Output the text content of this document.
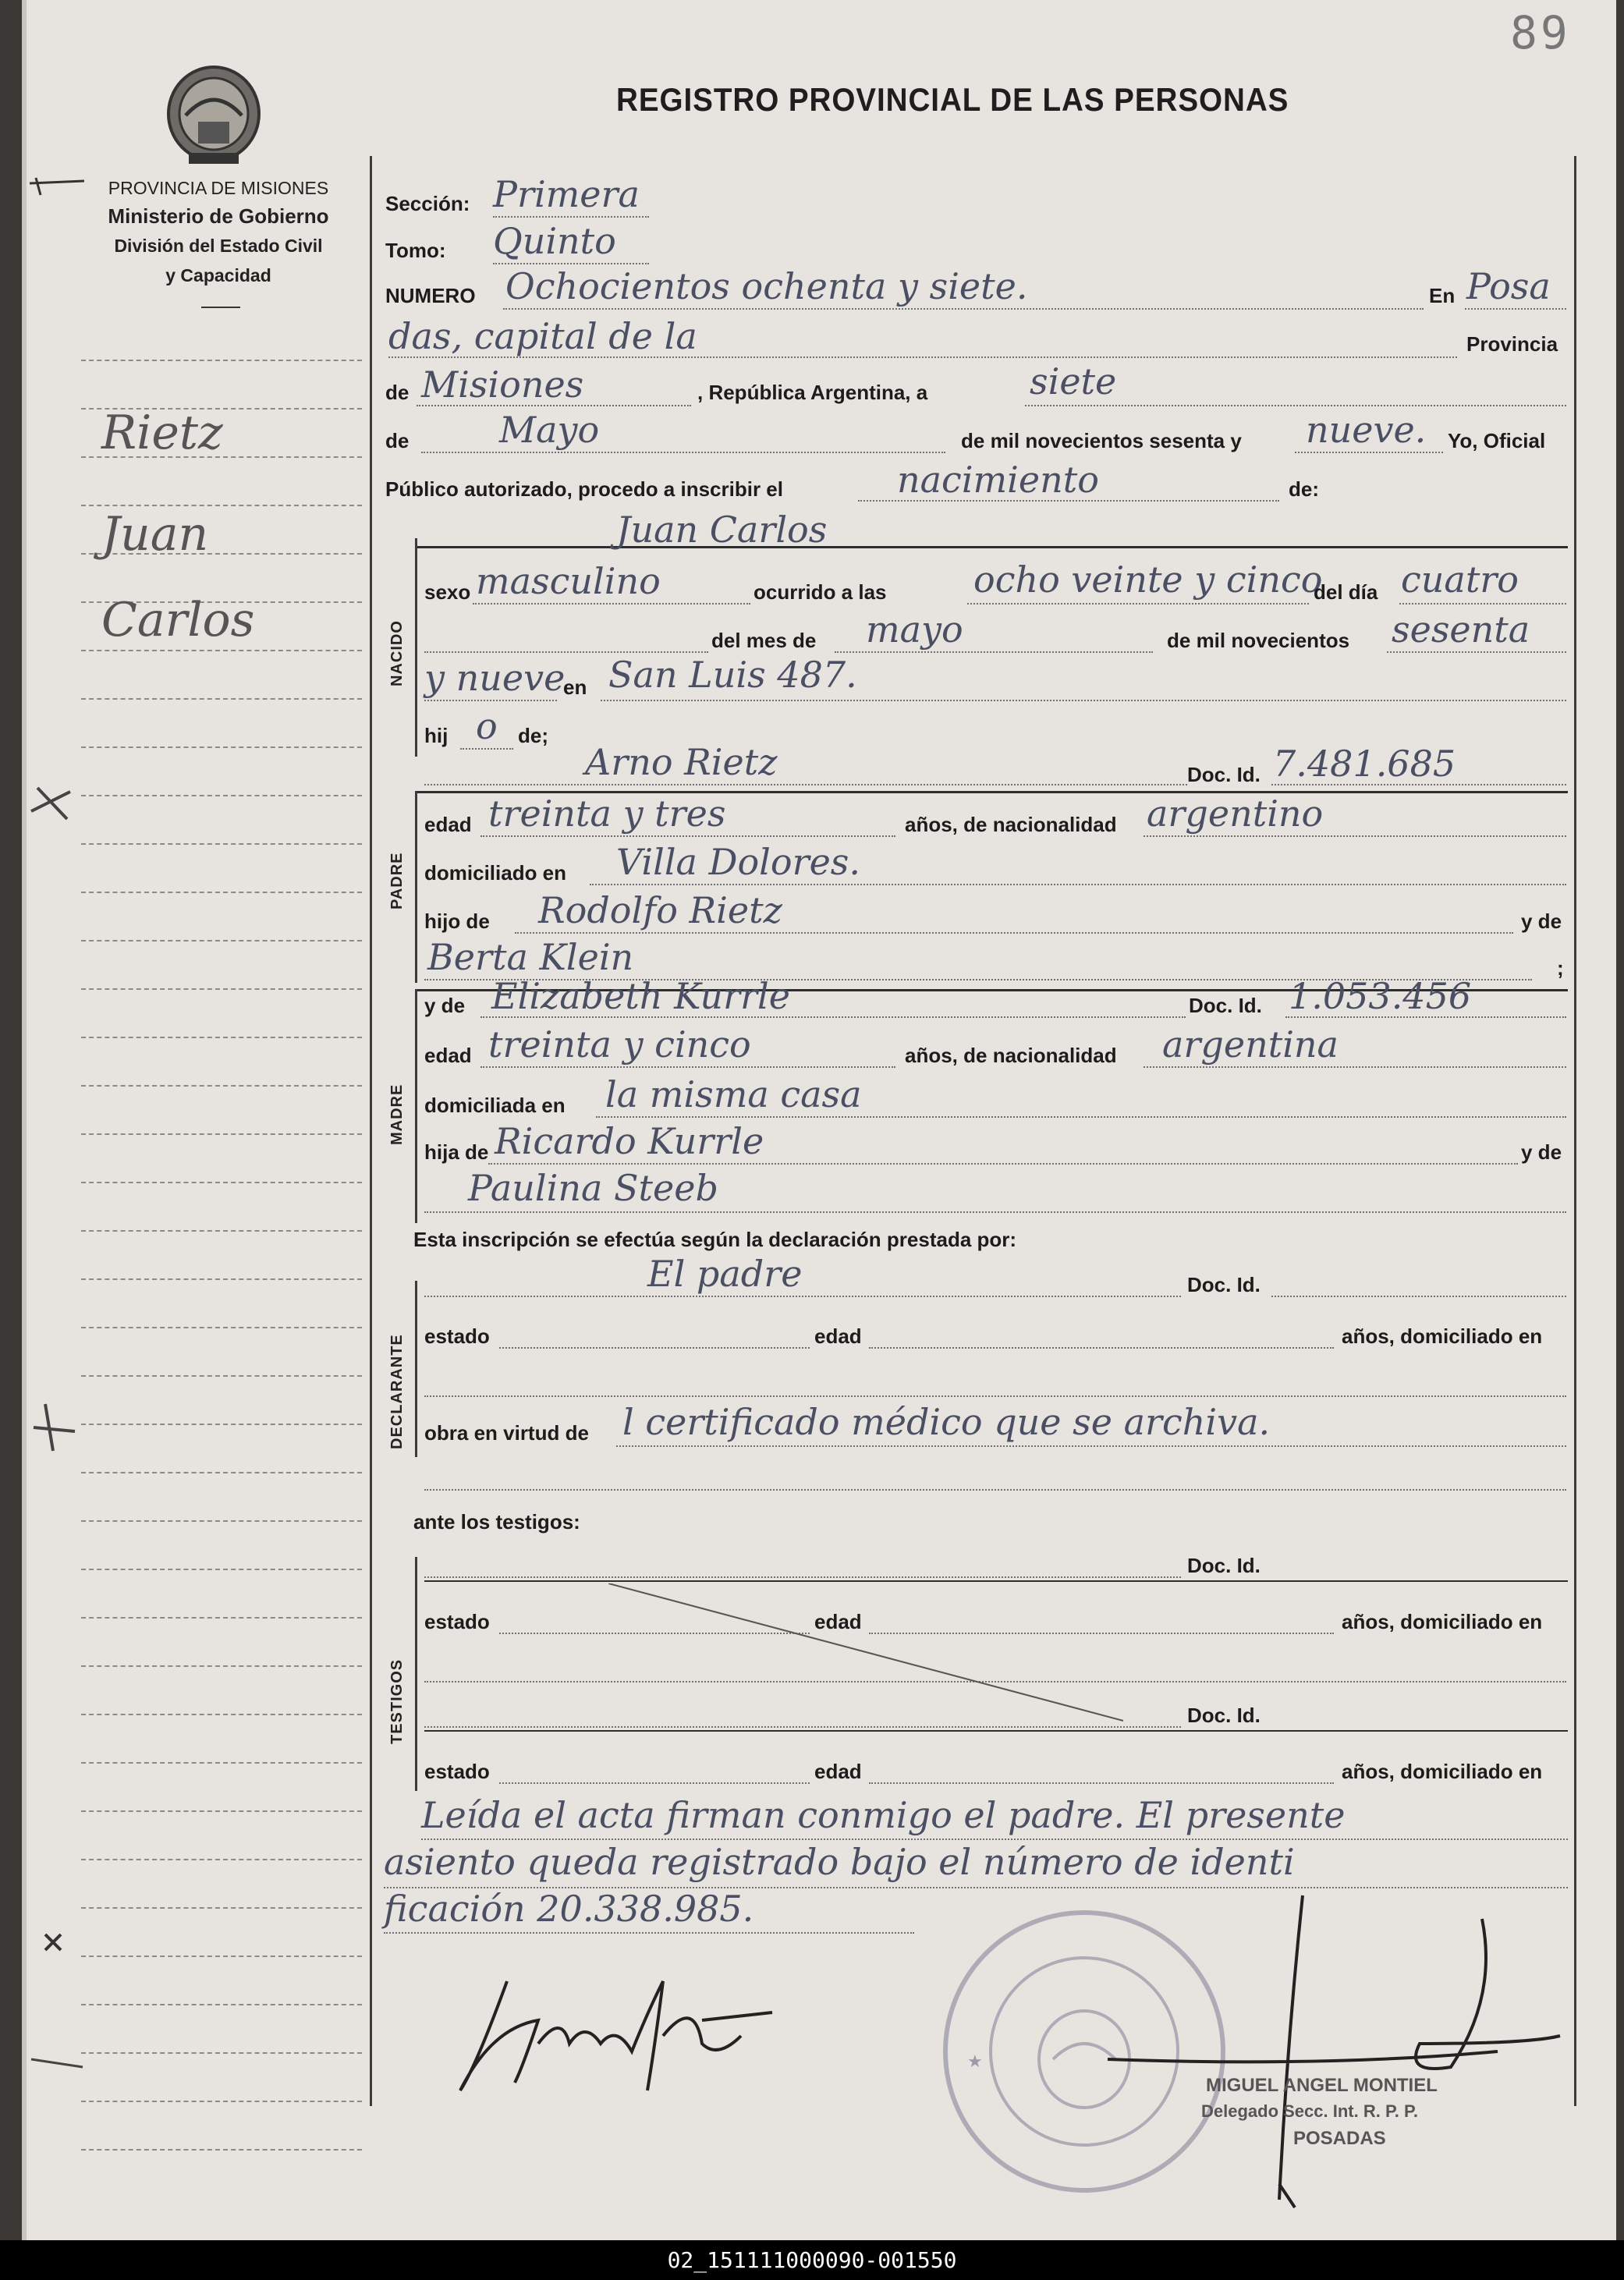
89
REGISTRO PROVINCIAL DE LAS PERSONAS
PROVINCIA DE MISIONES
Ministerio de Gobierno
División del Estado Civil
y Capacidad
Rietz
Juan
Carlos
Sección: Primera
Tomo: Quinto
NUMERO Ochocientos ochenta y siete.	En Posa
das, capital de la	Provincia
de Misiones	, República Argentina, a	siete
de	Mayo	de mil novecientos sesenta y nueve. Yo, Oficial
Público autorizado, procedo a inscribir el	nacimiento	de:
NACIDO
Juan Carlos
sexo masculino	ocurrido a las ocho veinte y cinco
del día cuatro
del mes de mayo	de mil novecientos sesenta
y nueve
en San Luis 487.
hij o de;
Arno Rietz	Doc. Id. 7.481.685
PADRE
edad treinta y tres	años, de nacionalidad argentino
domiciliado en Villa Dolores.
hijo de Rodolfo Rietz	y de
Berta Klein	;
MADRE
y de Elizabeth Kurrle	Doc. Id. 1.053.456
edad treinta y cinco	años, de nacionalidad argentina
domiciliada en la misma casa
hija de Ricardo Kurrle	y de
Paulina Steeb
Esta inscripción se efectúa según la declaración prestada por:
El padre	Doc. Id.
DECLARANTE estado	edad	años, domiciliado en
obra en virtud de l certificado médico que se archiva.
ante los testigos:
TESTIGOS
Doc. Id.
estado	edad	años, domiciliado en
Doc. Id.
estado	edad	años, domiciliado en
Leída el acta firman conmigo el padre. El presente
asiento queda registrado bajo el número de identi
ficación 20.338.985.
★
MIGUEL ANGEL MONTIEL
Delegado Secc. Int. R. P. P.
POSADAS
02_151111000090-001550
